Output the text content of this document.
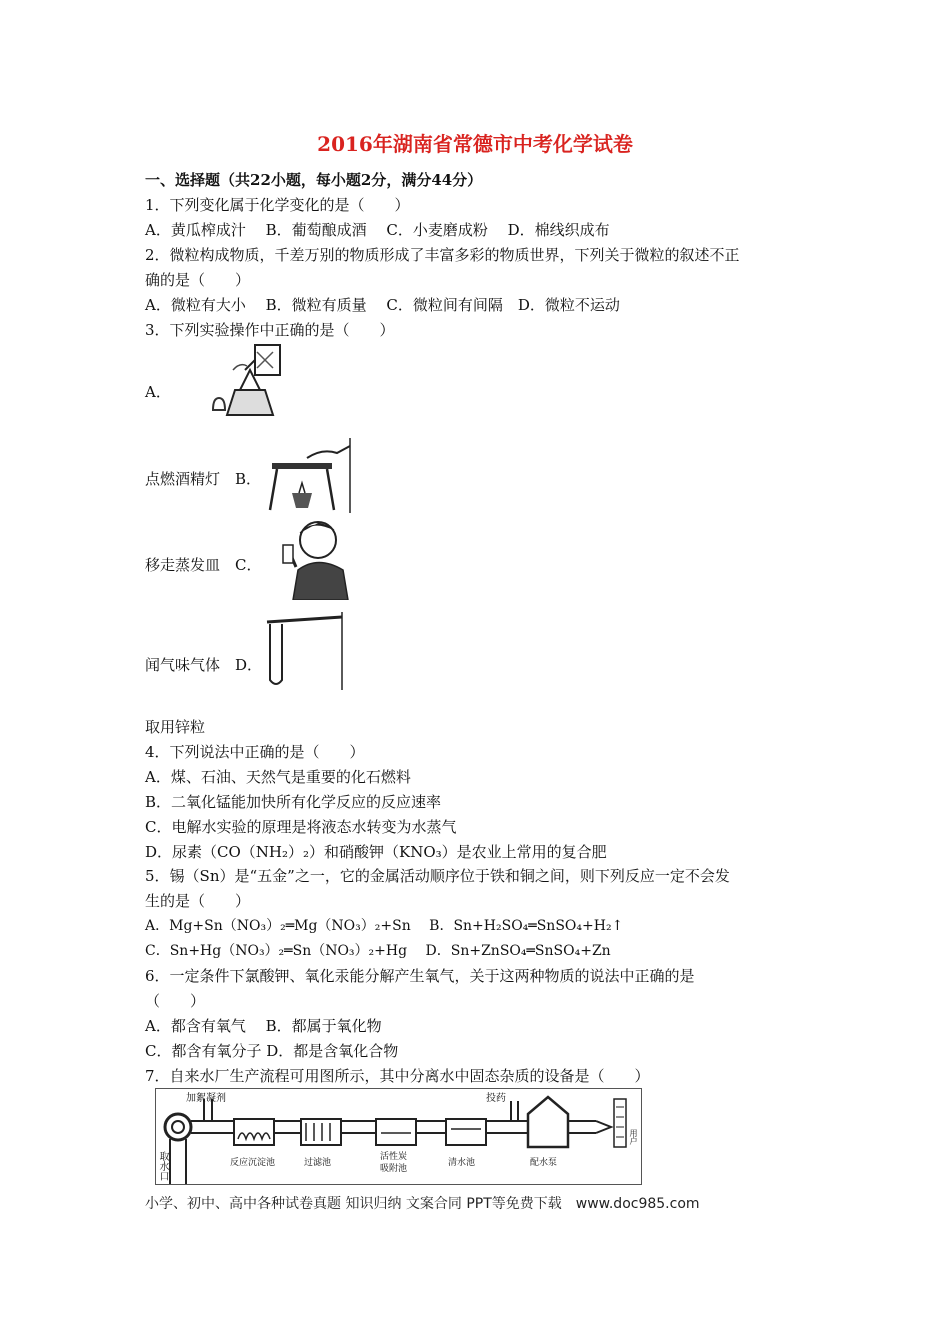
2016年湖南省常德市中考化学试卷
一、选择题（共22小题，每小题2分，满分44分）
1．下列变化属于化学变化的是（　　）
A．黄瓜榨成汁　 B．葡萄酿成酒　 C．小麦磨成粉　 D．棉线织成布
2．微粒构成物质，千差万别的物质形成了丰富多彩的物质世界，下列关于微粒的叙述不正
确的是（　　）
A．微粒有大小　 B．微粒有质量　 C．微粒间有间隔　D．微粒不运动
3．下列实验操作中正确的是（　　）
A．
点燃酒精灯　B．
移走蒸发皿　C．
闻气味气体　D．
取用锌粒
4．下列说法中正确的是（　　）
A．煤、石油、天然气是重要的化石燃料
B．二氧化锰能加快所有化学反应的反应速率
C．电解水实验的原理是将液态水转变为水蒸气
D．尿素（CO（NH₂）₂）和硝酸钾（KNO₃）是农业上常用的复合肥
5．锡（Sn）是“五金”之一，它的金属活动顺序位于铁和铜之间，则下列反应一定不会发
生的是（　　）
A．Mg+Sn（NO₃）₂═Mg（NO₃）₂+Sn　 B．Sn+H₂SO₄═SnSO₄+H₂↑
C．Sn+Hg（NO₃）₂═Sn（NO₃）₂+Hg　 D．Sn+ZnSO₄═SnSO₄+Zn
6．一定条件下氯酸钾、氧化汞能分解产生氧气，关于这两种物质的说法中正确的是
（　　）
A．都含有氧气　 B．都属于氧化物
C．都含有氧分子 D．都是含氧化合物
7．自来水厂生产流程可用图所示，其中分离水中固态杂质的设备是（　　）
加絮凝剂
取水口	反应沉淀池	过滤池
活性炭
吸附池
清水池
投药
配水泵
用户
小学、初中、高中各种试卷真题 知识归纳 文案合同 PPT等免费下载　www.doc985.com
